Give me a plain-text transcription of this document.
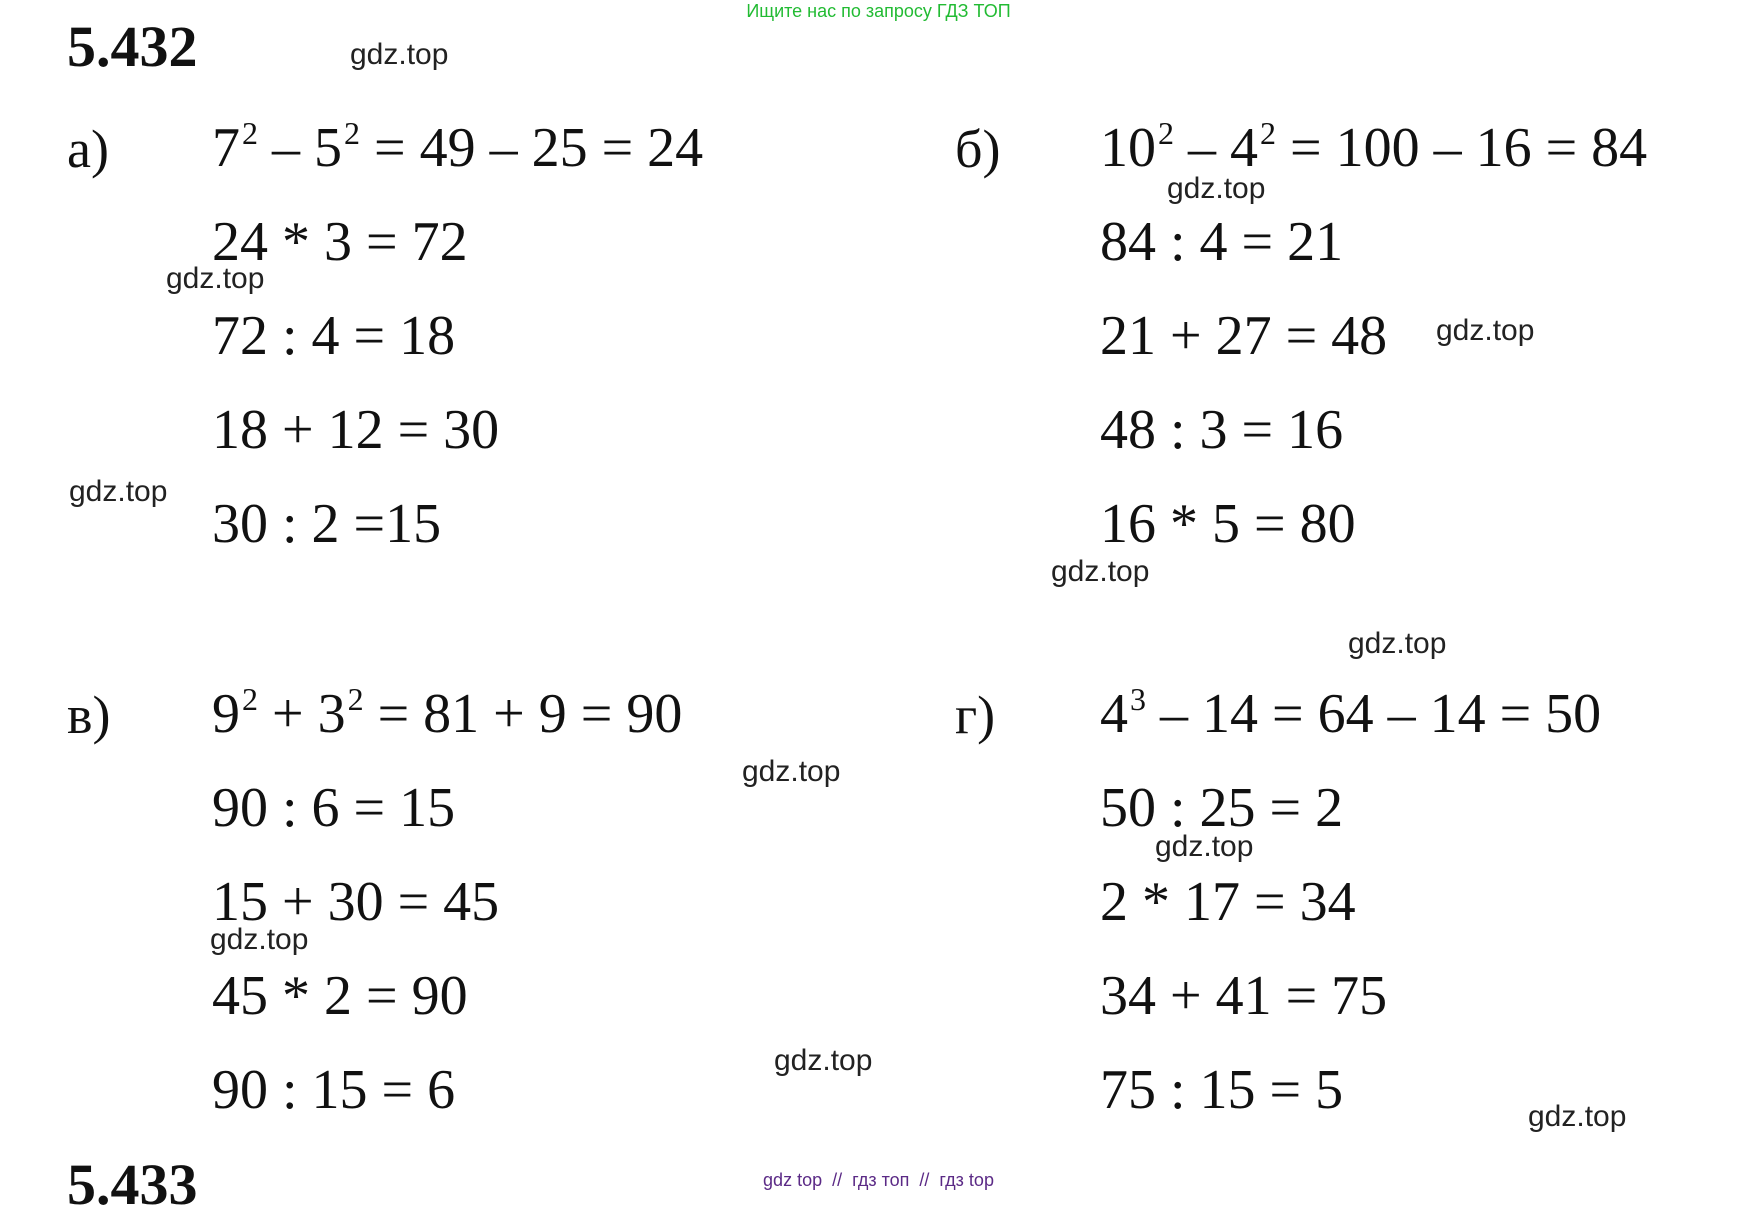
Ищите нас по запросу ГДЗ ТОП
5.432
а) $7^2 - 5^2 = 49 - 25 = 24$
24 * 3 = 72
72 : 4 = 18
18 + 12 = 30
30 : 2 =15
б) $10^2 - 4^2 = 100 - 16 = 84$
84 : 4 = 21
21 + 27 = 48
48 : 3 = 16
16 * 5 = 80
в) $9^2 + 3^2 = 81 + 9 = 90$
90 : 6 = 15
15 + 30 = 45
45 * 2 = 90
90 : 15 = 6
г) $4^3 - 14 = 64 - 14 = 50$
50 : 25 = 2
2 * 17 = 34
34 + 41 = 75
75 : 15 = 5
gdz.top
gdz.top
gdz.top
gdz.top
gdz.top
gdz.top
gdz.top
gdz.top
gdz.top
gdz.top
gdz.top
gdz.top
5.433	gdz top  //  гдз топ  //  гдз top
